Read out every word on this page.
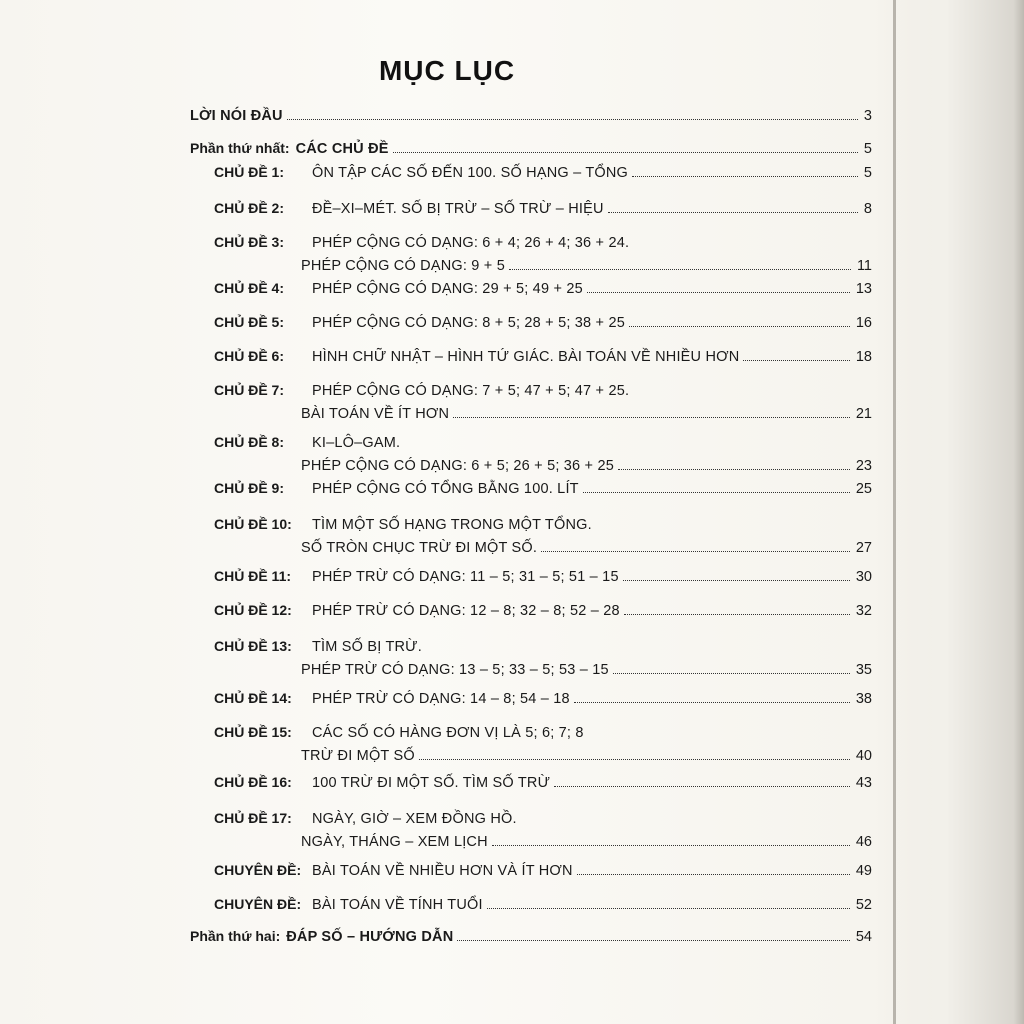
MỤC LỤC
LỜI NÓI ĐẦU	3
Phần thứ nhất: CÁC CHỦ ĐỀ	5
CHỦ ĐỀ 1:	ÔN TẬP CÁC SỐ ĐẾN 100. SỐ HẠNG – TỔNG	5
CHỦ ĐỀ 2:	ĐỀ–XI–MÉT. SỐ BỊ TRỪ – SỐ TRỪ – HIỆU	8
CHỦ ĐỀ 3:	PHÉP CỘNG CÓ DẠNG: 6 + 4; 26 + 4; 36 + 24.
PHÉP CỘNG CÓ DẠNG: 9 + 5	11
CHỦ ĐỀ 4:	PHÉP CỘNG CÓ DẠNG: 29 + 5; 49 + 25	13
CHỦ ĐỀ 5:	PHÉP CỘNG CÓ DẠNG: 8 + 5; 28 + 5; 38 + 25	16
CHỦ ĐỀ 6:	HÌNH CHỮ NHẬT – HÌNH TỨ GIÁC. BÀI TOÁN VỀ NHIỀU HƠN	18
CHỦ ĐỀ 7:	PHÉP CỘNG CÓ DẠNG: 7 + 5; 47 + 5; 47 + 25.
BÀI TOÁN VỀ ÍT HƠN	21
CHỦ ĐỀ 8:	KI–LÔ–GAM.
PHÉP CỘNG CÓ DẠNG: 6 + 5; 26 + 5; 36 + 25	23
CHỦ ĐỀ 9:	PHÉP CỘNG CÓ TỔNG BẰNG 100. LÍT	25
CHỦ ĐỀ 10:	TÌM MỘT SỐ HẠNG TRONG MỘT TỔNG.
SỐ TRÒN CHỤC TRỪ ĐI MỘT SỐ.	27
CHỦ ĐỀ 11:	PHÉP TRỪ CÓ DẠNG: 11 – 5; 31 – 5; 51 – 15	30
CHỦ ĐỀ 12:	PHÉP TRỪ CÓ DẠNG: 12 – 8; 32 – 8; 52 – 28	32
CHỦ ĐỀ 13:	TÌM SỐ BỊ TRỪ.
PHÉP TRỪ CÓ DẠNG: 13 – 5; 33 – 5; 53 – 15	35
CHỦ ĐỀ 14:	PHÉP TRỪ CÓ DẠNG: 14 – 8; 54 – 18	38
CHỦ ĐỀ 15:	CÁC SỐ CÓ HÀNG ĐƠN VỊ LÀ 5; 6; 7; 8
TRỪ ĐI MỘT SỐ	40
CHỦ ĐỀ 16:	100 TRỪ ĐI MỘT SỐ. TÌM SỐ TRỪ	43
CHỦ ĐỀ 17:	NGÀY, GIỜ – XEM ĐỒNG HỒ.
NGÀY, THÁNG – XEM LỊCH	46
CHUYÊN ĐỀ: BÀI TOÁN VỀ NHIỀU HƠN VÀ ÍT HƠN	49
CHUYÊN ĐỀ: BÀI TOÁN VỀ TÍNH TUỔI	52
Phần thứ hai: ĐÁP SỐ – HƯỚNG DẪN	54
